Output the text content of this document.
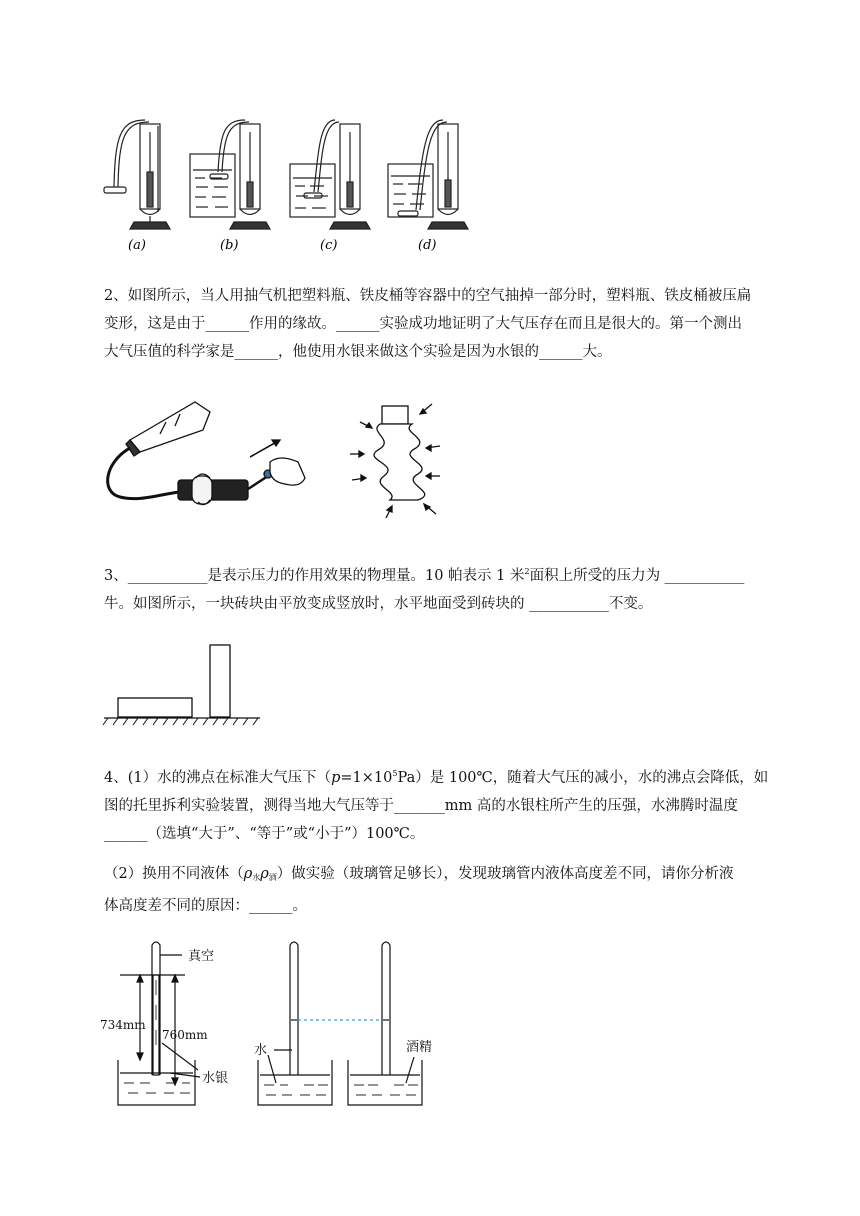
(a)	(b)	(c)	(d)
2、如图所示，当人用抽气机把塑料瓶、铁皮桶等容器中的空气抽掉一部分时，塑料瓶、铁皮桶被压扁
变形，这是由于______作用的缘故。______实验成功地证明了大气压存在而且是很大的。第一个测出
大气压值的科学家是______，他使用水银来做这个实验是因为水银的______大。
3、___________是表示压力的作用效果的物理量。10 帕表示 1 米$^2$面积上所受的压力为 ___________
牛。如图所示，一块砖块由平放变成竖放时，水平地面受到砖块的 ___________不变。
4、(1）水的沸点在标准大气压下$(p=1\times 10^5Pa)$是 100℃，随着大气压的减小，水的沸点会降低，如
图的托里拆利实验装置，测得当地大气压等于_______mm 高的水银柱所产生的压强，水沸腾时温度
______（选填“大于”、“等于”或“小于”）100℃。
（2）换用不同液体$(\rho_水\rho_酒)$做实验（玻璃管足够长），发现玻璃管内液体高度差不同，请你分析液
体高度差不同的原因：______。
真空
734mm
760mm
水银
水	酒精
